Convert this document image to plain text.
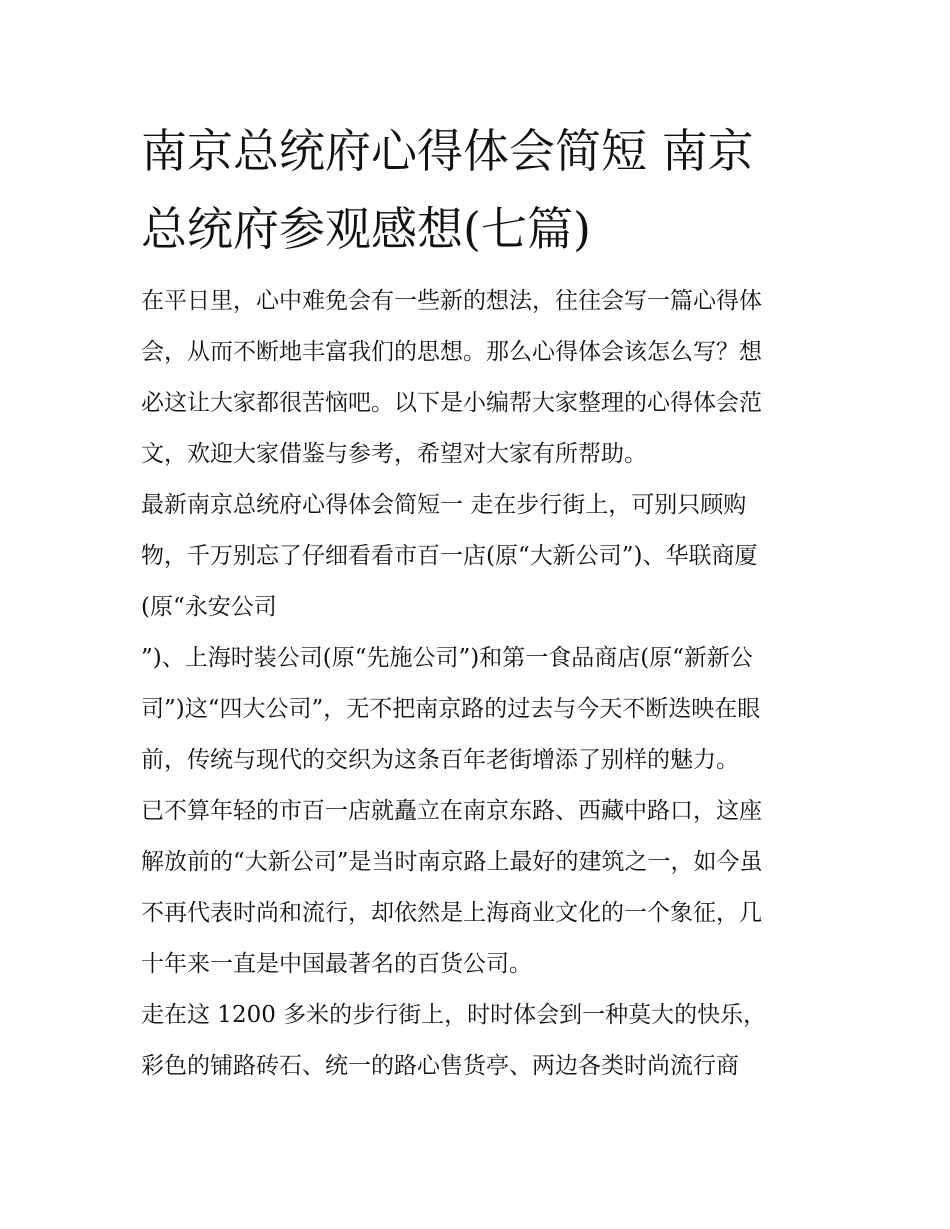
南京总统府心得体会简短 南京
总统府参观感想(七篇)
在平日里，心中难免会有一些新的想法，往往会写一篇心得体
会，从而不断地丰富我们的思想。那么心得体会该怎么写？想
必这让大家都很苦恼吧。以下是小编帮大家整理的心得体会范
文，欢迎大家借鉴与参考，希望对大家有所帮助。
最新南京总统府心得体会简短一 走在步行街上，可别只顾购
物，千万别忘了仔细看看市百一店(原“大新公司”)、华联商厦
(原“永安公司
”)、上海时装公司(原“先施公司”)和第一食品商店(原“新新公
司”)这“四大公司”，无不把南京路的过去与今天不断迭映在眼
前，传统与现代的交织为这条百年老街增添了别样的魅力。
已不算年轻的市百一店就矗立在南京东路、西藏中路口，这座
解放前的“大新公司”是当时南京路上最好的建筑之一，如今虽
不再代表时尚和流行，却依然是上海商业文化的一个象征，几
十年来一直是中国最著名的百货公司。
走在这 1200 多米的步行街上，时时体会到一种莫大的快乐，
彩色的铺路砖石、统一的路心售货亭、两边各类时尚流行商
